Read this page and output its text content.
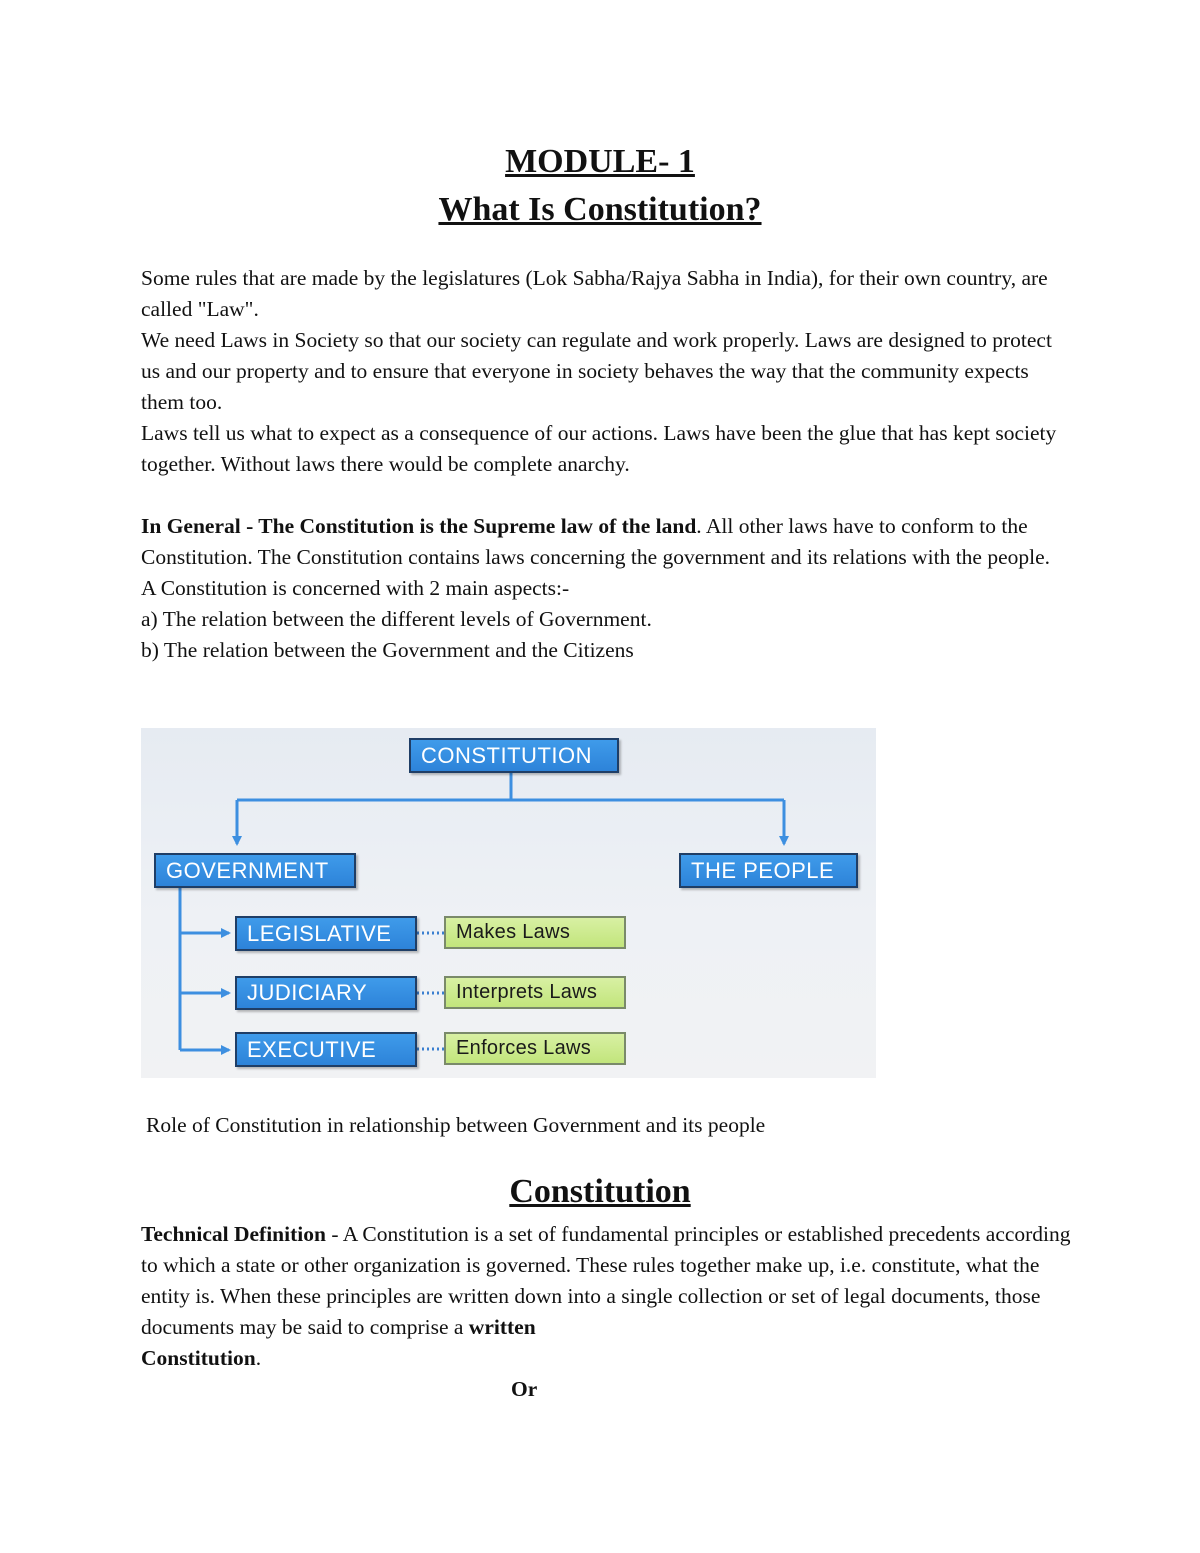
MODULE- 1
What Is Constitution?
Some rules that are made by the legislatures (Lok Sabha/Rajya Sabha in India), for their own country, are called "Law".
We need Laws in Society so that our society can regulate and work properly. Laws are designed to protect us and our property and to ensure that everyone in society behaves the way that the community expects them too.
Laws tell us what to expect as a consequence of our actions. Laws have been the glue that has kept society together. Without laws there would be complete anarchy.
In General - The Constitution is the Supreme law of the land. All other laws have to conform to the Constitution. The Constitution contains laws concerning the government and its relations with the people.
A Constitution is concerned with 2 main aspects:-
a) The relation between the different levels of Government.
b) The relation between the Government and the Citizens
CONSTITUTION
GOVERNMENT	THE PEOPLE
LEGISLATIVE	Makes Laws
JUDICIARY	Interprets Laws
EXECUTIVE	Enforces Laws
Role of Constitution in relationship between Government and its people
Constitution
Technical Definition - A Constitution is a set of fundamental principles or established precedents according to which a state or other organization is governed. These rules together make up, i.e. constitute, what the entity is. When these principles are written down into a single collection or set of legal documents, those documents may be said to comprise a written
Constitution.
Or
